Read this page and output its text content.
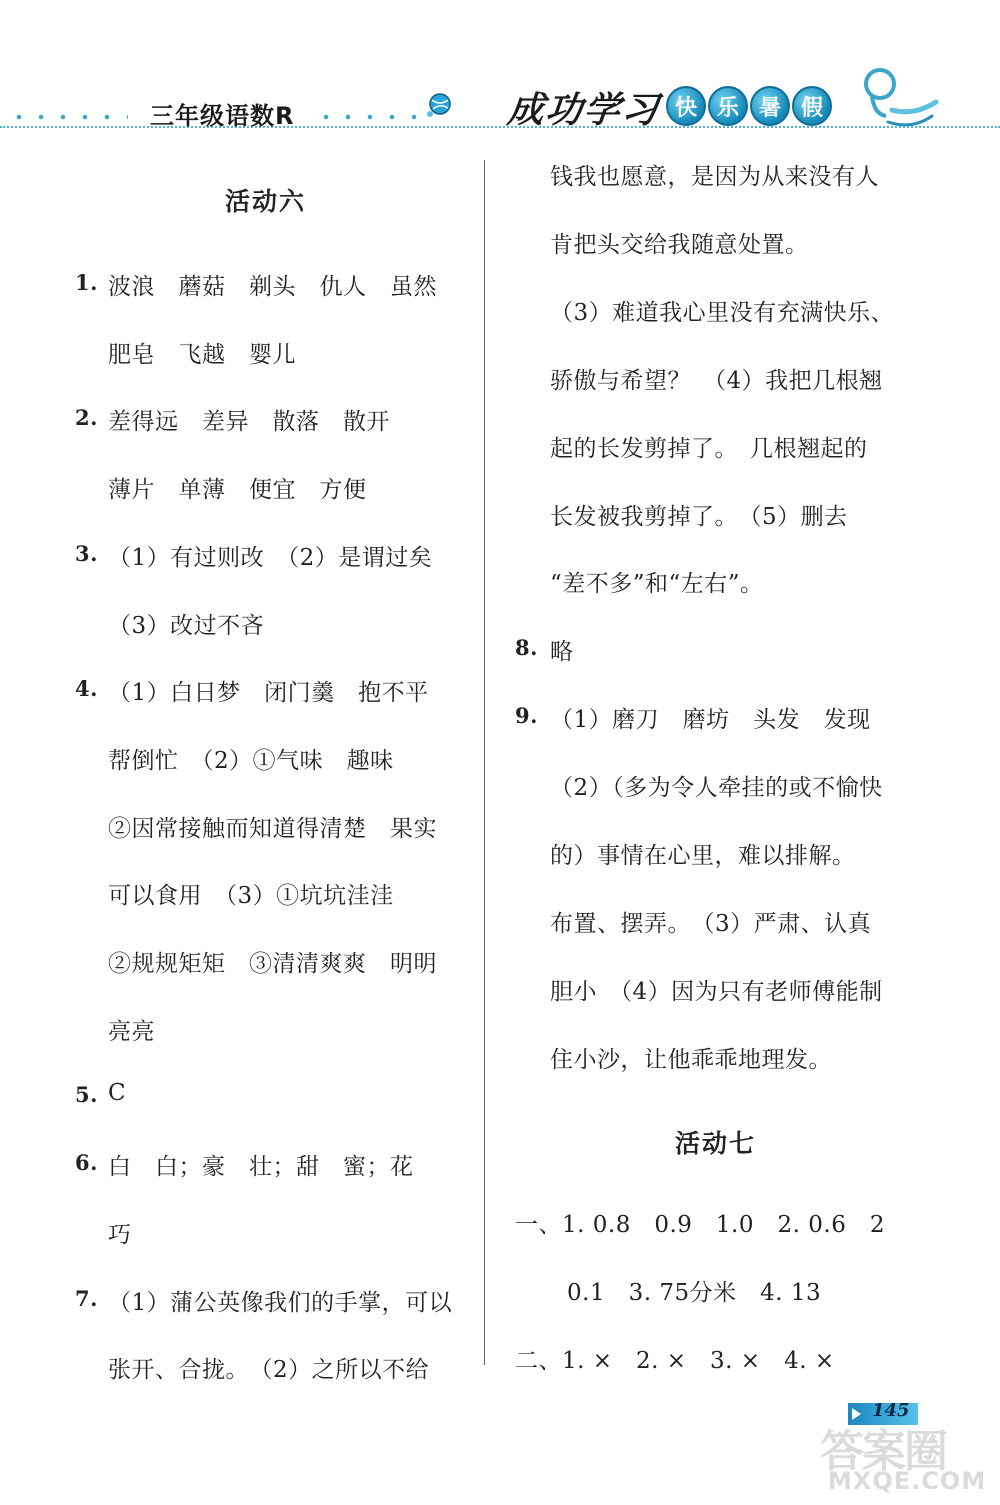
三年级语数R	成功学习 快 乐 暑 假
活动六
1. 波浪　蘑菇　剃头　仇人　虽然
肥皂　飞越　婴儿
2. 差得远　差异　散落　散开
薄片　单薄　便宜　方便
3. （1）有过则改　（2）是谓过矣
（3）改过不吝
4. （1）白日梦　闭门羹　抱不平
帮倒忙　（2）①气味　趣味
②因常接触而知道得清楚　果实
可以食用　（3）①坑坑洼洼
②规规矩矩　③清清爽爽　明明
亮亮
5. C
6. 白　白；豪　壮；甜　蜜；花
巧
7. （1）蒲公英像我们的手掌，可以
张开、合拢。　（2）之所以不给
钱我也愿意，是因为从来没有人
肯把头交给我随意处置。
（3）难道我心里没有充满快乐、
骄傲与希望？　（4）我把几根翘
起的长发剪掉了。　几根翘起的
长发被我剪掉了。　（5）删去
“差不多”和“左右”。
8. 略
9. （1）磨刀　磨坊　头发　发现
（2）（多为令人牵挂的或不愉快
的）事情在心里，难以排解。
布置、摆弄。　（3）严肃、认真
胆小　（4）因为只有老师傅能制
住小沙，让他乖乖地理发。
活动七
一、1. 0.8　0.9　1.0　2. 0.6　2
0.1　3. 75分米　4. 13
二、1. ×　2. ×　3. ×　4. ×
145
答案圈
MXQE.COM
